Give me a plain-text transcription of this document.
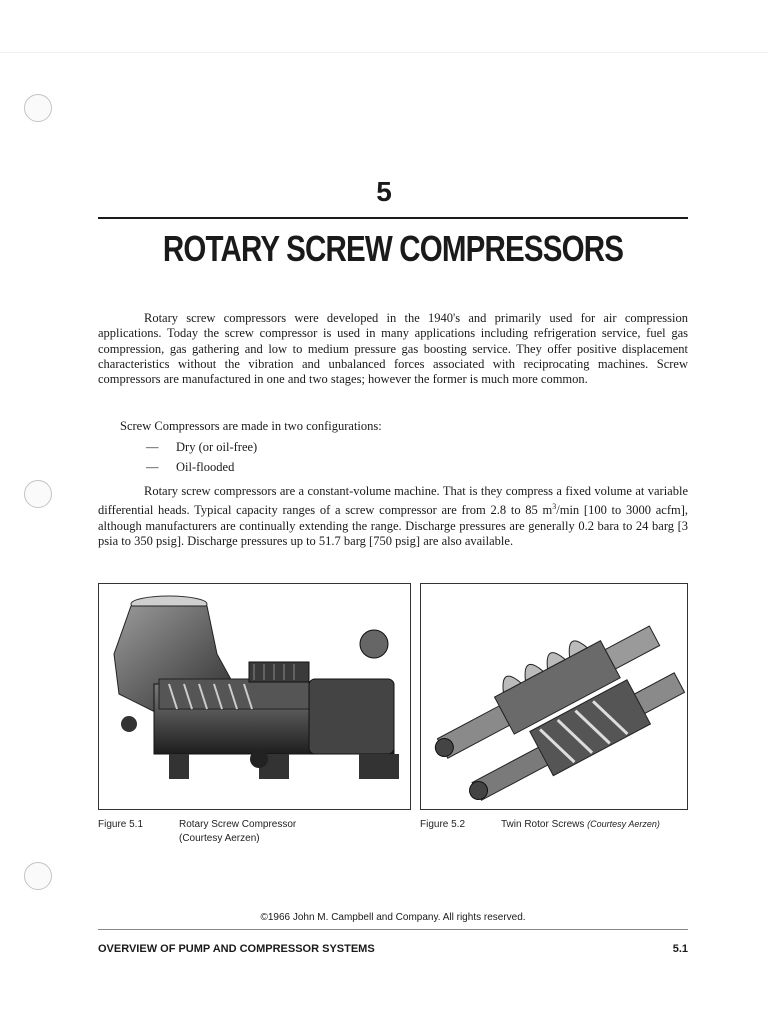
5
ROTARY SCREW COMPRESSORS

Rotary screw compressors were developed in the 1940's and primarily used for air compression applications. Today the screw compressor is used in many applications including refrigeration service, fuel gas compression, gas gathering and low to medium pressure gas boosting service. They offer positive displacement characteristics without the vibration and unbalanced forces associated with reciprocating machines. Screw compressors are manufactured in one and two stages; however the former is much more common.

Screw Compressors are made in two configurations:
—	Dry (or oil-free)
—	Oil-flooded

Rotary screw compressors are a constant-volume machine. That is they compress a fixed volume at variable differential heads. Typical capacity ranges of a screw compressor are from 2.8 to 85 $m^3/\min$ [100 to 3000 acfm], although manufacturers are continually extending the range. Discharge pressures are generally 0.2 bara to 24 barg [3 psia to 350 psig]. Discharge pressures up to 51.7 barg [750 psig] are also available.

Figure 5.1	Rotary Screw Compressor
(Courtesy Aerzen)
Figure 5.2	Twin Rotor Screws (Courtesy Aerzen)
©1966 John M. Campbell and Company. All rights reserved.
OVERVIEW OF PUMP AND COMPRESSOR SYSTEMS	5.1
